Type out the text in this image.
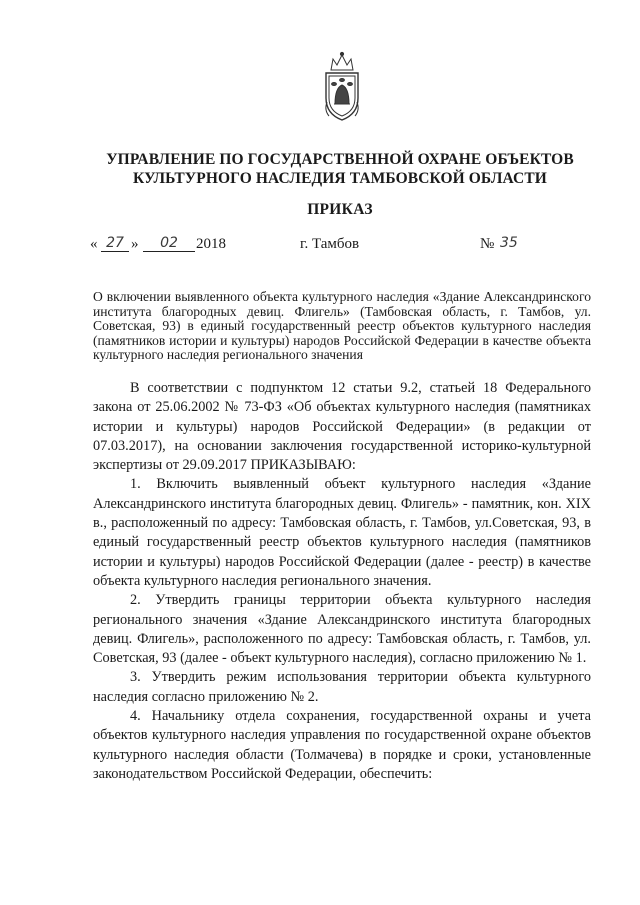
УПРАВЛЕНИЕ ПО ГОСУДАРСТВЕННОЙ ОХРАНЕ ОБЪЕКТОВ
КУЛЬТУРНОГО НАСЛЕДИЯ ТАМБОВСКОЙ ОБЛАСТИ
ПРИКАЗ
« 27 »	02	2018	г. Тамбов	№ 35
О включении выявленного объекта культурного наследия «Здание Александринского института благородных девиц. Флигель» (Тамбовская область, г. Тамбов, ул. Советская, 93) в единый государственный реестр объектов культурного наследия (памятников истории и культуры) народов Российской Федерации в качестве объекта культурного наследия регионального значения

В соответствии с подпунктом 12 статьи 9.2, статьей 18 Федерального закона от 25.06.2002 № 73-ФЗ «Об объектах культурного наследия (памятниках истории и культуры) народов Российской Федерации» (в редакции от 07.03.2017), на основании заключения государственной историко-культурной экспертизы от 29.09.2017 ПРИКАЗЫВАЮ:

1. Включить выявленный объект культурного наследия «Здание Александринского института благородных девиц. Флигель» - памятник, кон. XIX в., расположенный по адресу: Тамбовская область, г. Тамбов, ул.Советская, 93, в единый государственный реестр объектов культурного наследия (памятников истории и культуры) народов Российской Федерации (далее - реестр) в качестве объекта культурного наследия регионального значения.

2. Утвердить границы территории объекта культурного наследия регионального значения «Здание Александринского института благородных девиц. Флигель», расположенного по адресу: Тамбовская область, г. Тамбов, ул. Советская, 93 (далее - объект культурного наследия), согласно приложению № 1.

3. Утвердить режим использования территории объекта культурного наследия согласно приложению № 2.

4. Начальнику отдела сохранения, государственной охраны и учета объектов культурного наследия управления по государственной охране объектов культурного наследия области (Толмачева) в порядке и сроки, установленные законодательством Российской Федерации, обеспечить:
